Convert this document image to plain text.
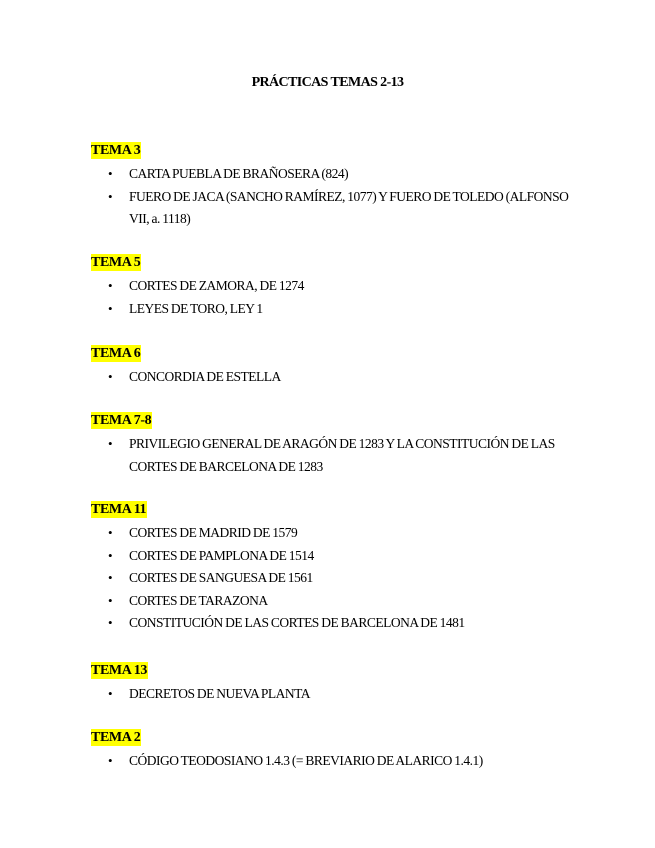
PRÁCTICAS TEMAS 2-13
TEMA 3
• CARTA PUEBLA DE BRAÑOSERA (824)
• FUERO DE JACA (SANCHO RAMÍREZ, 1077) Y FUERO DE TOLEDO (ALFONSO VII, a. 1118)
TEMA 5
• CORTES DE ZAMORA, DE 1274
• LEYES DE TORO, LEY 1
TEMA 6
• CONCORDIA DE ESTELLA
TEMA 7-8
• PRIVILEGIO GENERAL DE ARAGÓN DE 1283 Y LA CONSTITUCIÓN DE LAS CORTES DE BARCELONA DE 1283
TEMA 11
• CORTES DE MADRID DE 1579
• CORTES DE PAMPLONA DE 1514
• CORTES DE SANGUESA DE 1561
• CORTES DE TARAZONA
• CONSTITUCIÓN DE LAS CORTES DE BARCELONA DE 1481
TEMA 13
• DECRETOS DE NUEVA PLANTA
TEMA 2
• CÓDIGO TEODOSIANO 1.4.3 (= BREVIARIO DE ALARICO 1.4.1)
